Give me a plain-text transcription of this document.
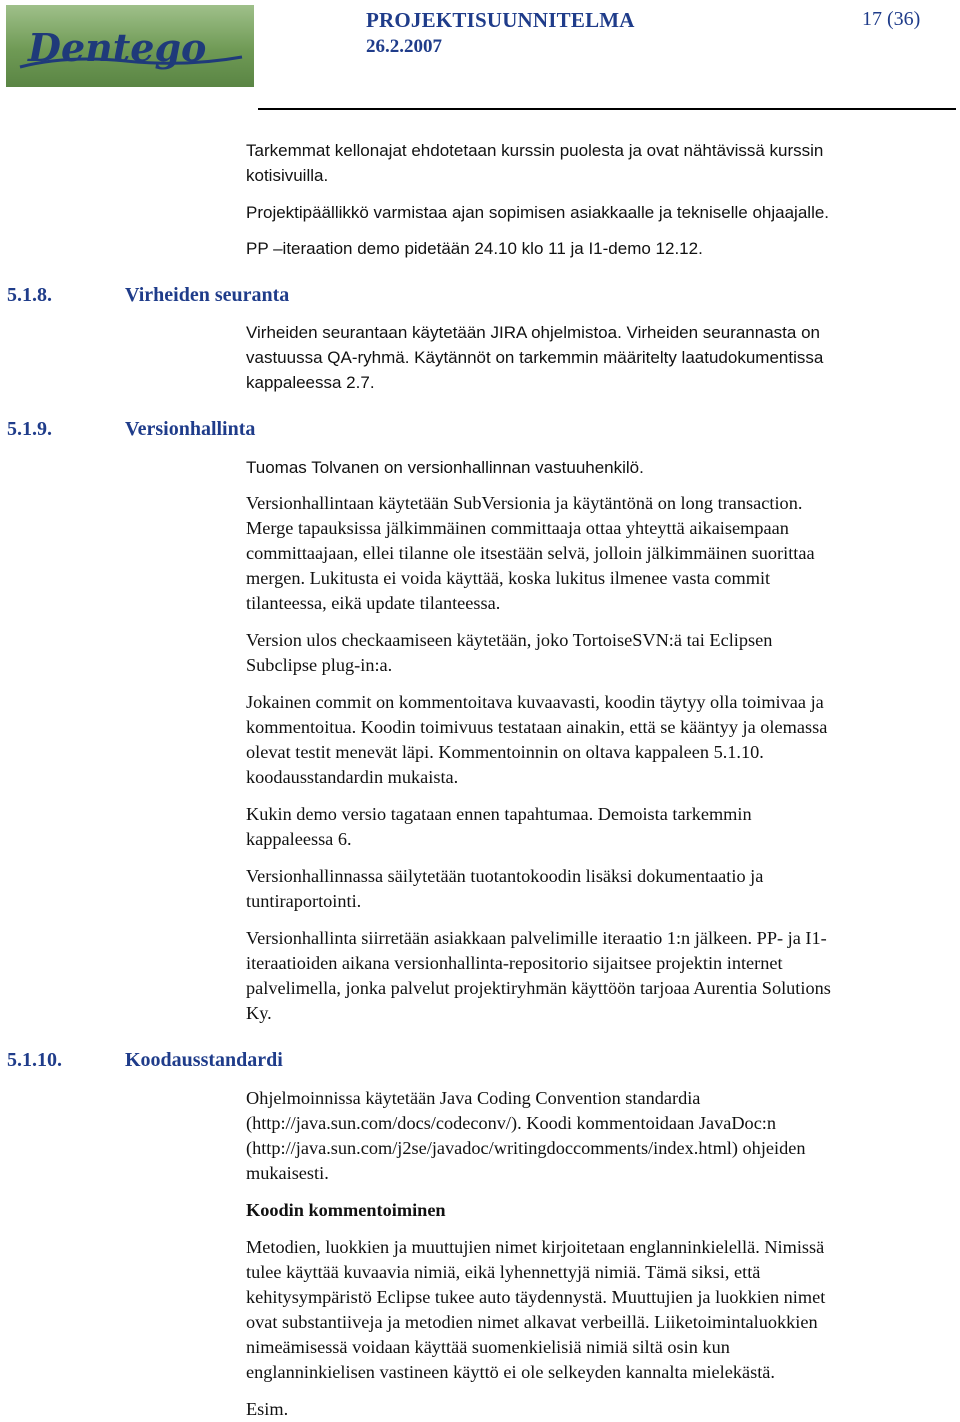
Dentego
PROJEKTISUUNNITELMA
26.2.2007
17 (36)

Tarkemmat kellonajat ehdotetaan kurssin puolesta ja ovat nähtävissä kurssin

kotisivuilla.

Projektipäällikkö varmistaa ajan sopimisen asiakkaalle ja tekniselle ohjaajalle.

PP –iteraation demo pidetään 24.10 klo 11 ja I1-demo 12.12.

5.1.8.	Virheiden seuranta

Virheiden seurantaan käytetään JIRA ohjelmistoa. Virheiden seurannasta on

vastuussa QA-ryhmä. Käytännöt on tarkemmin määritelty laatudokumentissa

kappaleessa 2.7.

5.1.9.	Versionhallinta

Tuomas Tolvanen on versionhallinnan vastuuhenkilö.

Versionhallintaan käytetään SubVersionia ja käytäntönä on long transaction.

Merge tapauksissa jälkimmäinen committaaja ottaa yhteyttä aikaisempaan

committaajaan, ellei tilanne ole itsestään selvä, jolloin jälkimmäinen suorittaa

mergen. Lukitusta ei voida käyttää, koska lukitus ilmenee vasta commit

tilanteessa, eikä update tilanteessa.

Version ulos checkaamiseen käytetään, joko TortoiseSVN:ä tai Eclipsen

Subclipse plug-in:a.

Jokainen commit on kommentoitava kuvaavasti, koodin täytyy olla toimivaa ja

kommentoitua. Koodin toimivuus testataan ainakin, että se kääntyy ja olemassa

olevat testit menevät läpi. Kommentoinnin on oltava kappaleen 5.1.10.

koodausstandardin mukaista.

Kukin demo versio tagataan ennen tapahtumaa. Demoista tarkemmin

kappaleessa 6.

Versionhallinnassa säilytetään tuotantokoodin lisäksi dokumentaatio ja

tuntiraportointi.

Versionhallinta siirretään asiakkaan palvelimille iteraatio 1:n jälkeen. PP- ja I1-

iteraatioiden aikana versionhallinta-repositorio sijaitsee projektin internet

palvelimella, jonka palvelut projektiryhmän käyttöön tarjoaa Aurentia Solutions

Ky.

5.1.10.	Koodausstandardi

Ohjelmoinnissa käytetään Java Coding Convention standardia

(http://java.sun.com/docs/codeconv/). Koodi kommentoidaan JavaDoc:n

(http://java.sun.com/j2se/javadoc/writingdoccomments/index.html) ohjeiden

mukaisesti.

Koodin kommentoiminen

Metodien, luokkien ja muuttujien nimet kirjoitetaan englanninkielellä. Nimissä

tulee käyttää kuvaavia nimiä, eikä lyhennettyjä nimiä. Tämä siksi, että

kehitysympäristö Eclipse tukee auto täydennystä. Muuttujien ja luokkien nimet

ovat substantiiveja ja metodien nimet alkavat verbeillä. Liiketoimintaluokkien

nimeämisessä voidaan käyttää suomenkielisiä nimiä siltä osin kun

englanninkielisen vastineen käyttö ei ole selkeyden kannalta mielekästä.

Esim.
